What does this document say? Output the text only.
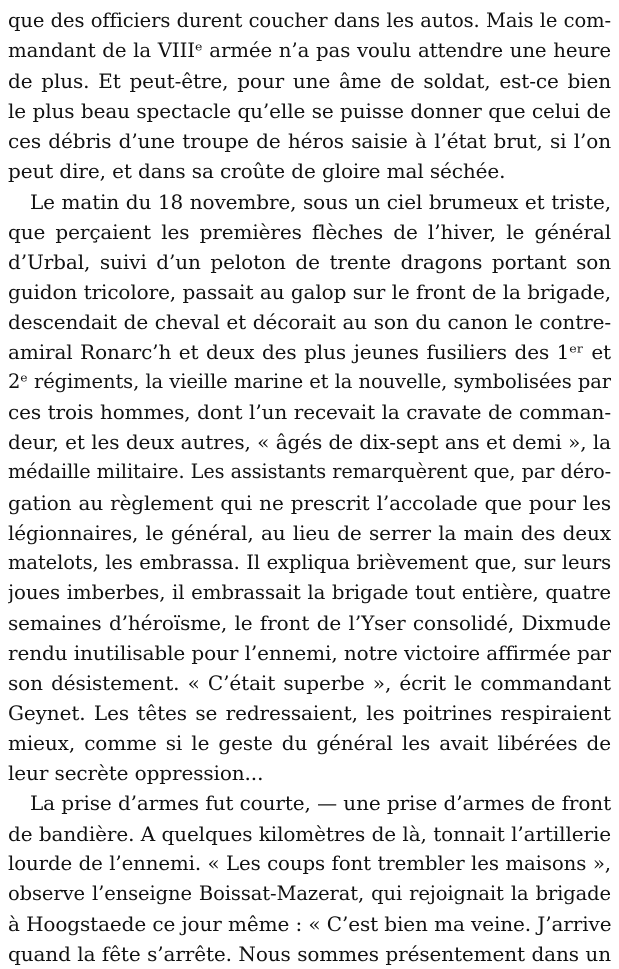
que des officiers durent coucher dans les autos. Mais le com-
mandant de la VIIIᵉ armée n’a pas voulu attendre une heure
de plus. Et peut-être, pour une âme de soldat, est-ce bien
le plus beau spectacle qu’elle se puisse donner que celui de
ces débris d’une troupe de héros saisie à l’état brut, si l’on
peut dire, et dans sa croûte de gloire mal séchée.
Le matin du 18 novembre, sous un ciel brumeux et triste,
que perçaient les premières flèches de l’hiver, le général
d’Urbal, suivi d’un peloton de trente dragons portant son
guidon tricolore, passait au galop sur le front de la brigade,
descendait de cheval et décorait au son du canon le contre-
amiral Ronarc’h et deux des plus jeunes fusiliers des 1ᵉʳ et
2ᵉ régiments, la vieille marine et la nouvelle, symbolisées par
ces trois hommes, dont l’un recevait la cravate de comman-
deur, et les deux autres, « âgés de dix-sept ans et demi », la
médaille militaire. Les assistants remarquèrent que, par déro-
gation au règlement qui ne prescrit l’accolade que pour les
légionnaires, le général, au lieu de serrer la main des deux
matelots, les embrassa. Il expliqua brièvement que, sur leurs
joues imberbes, il embrassait la brigade tout entière, quatre
semaines d’héroïsme, le front de l’Yser consolidé, Dixmude
rendu inutilisable pour l’ennemi, notre victoire affirmée par
son désistement. « C’était superbe », écrit le commandant
Geynet. Les têtes se redressaient, les poitrines respiraient
mieux, comme si le geste du général les avait libérées de
leur secrète oppression...
La prise d’armes fut courte, — une prise d’armes de front
de bandière. A quelques kilomètres de là, tonnait l’artillerie
lourde de l’ennemi. « Les coups font trembler les maisons »,
observe l’enseigne Boissat-Mazerat, qui rejoignait la brigade
à Hoogstaede ce jour même : « C’est bien ma veine. J’arrive
quand la fête s’arrête. Nous sommes présentement dans un
